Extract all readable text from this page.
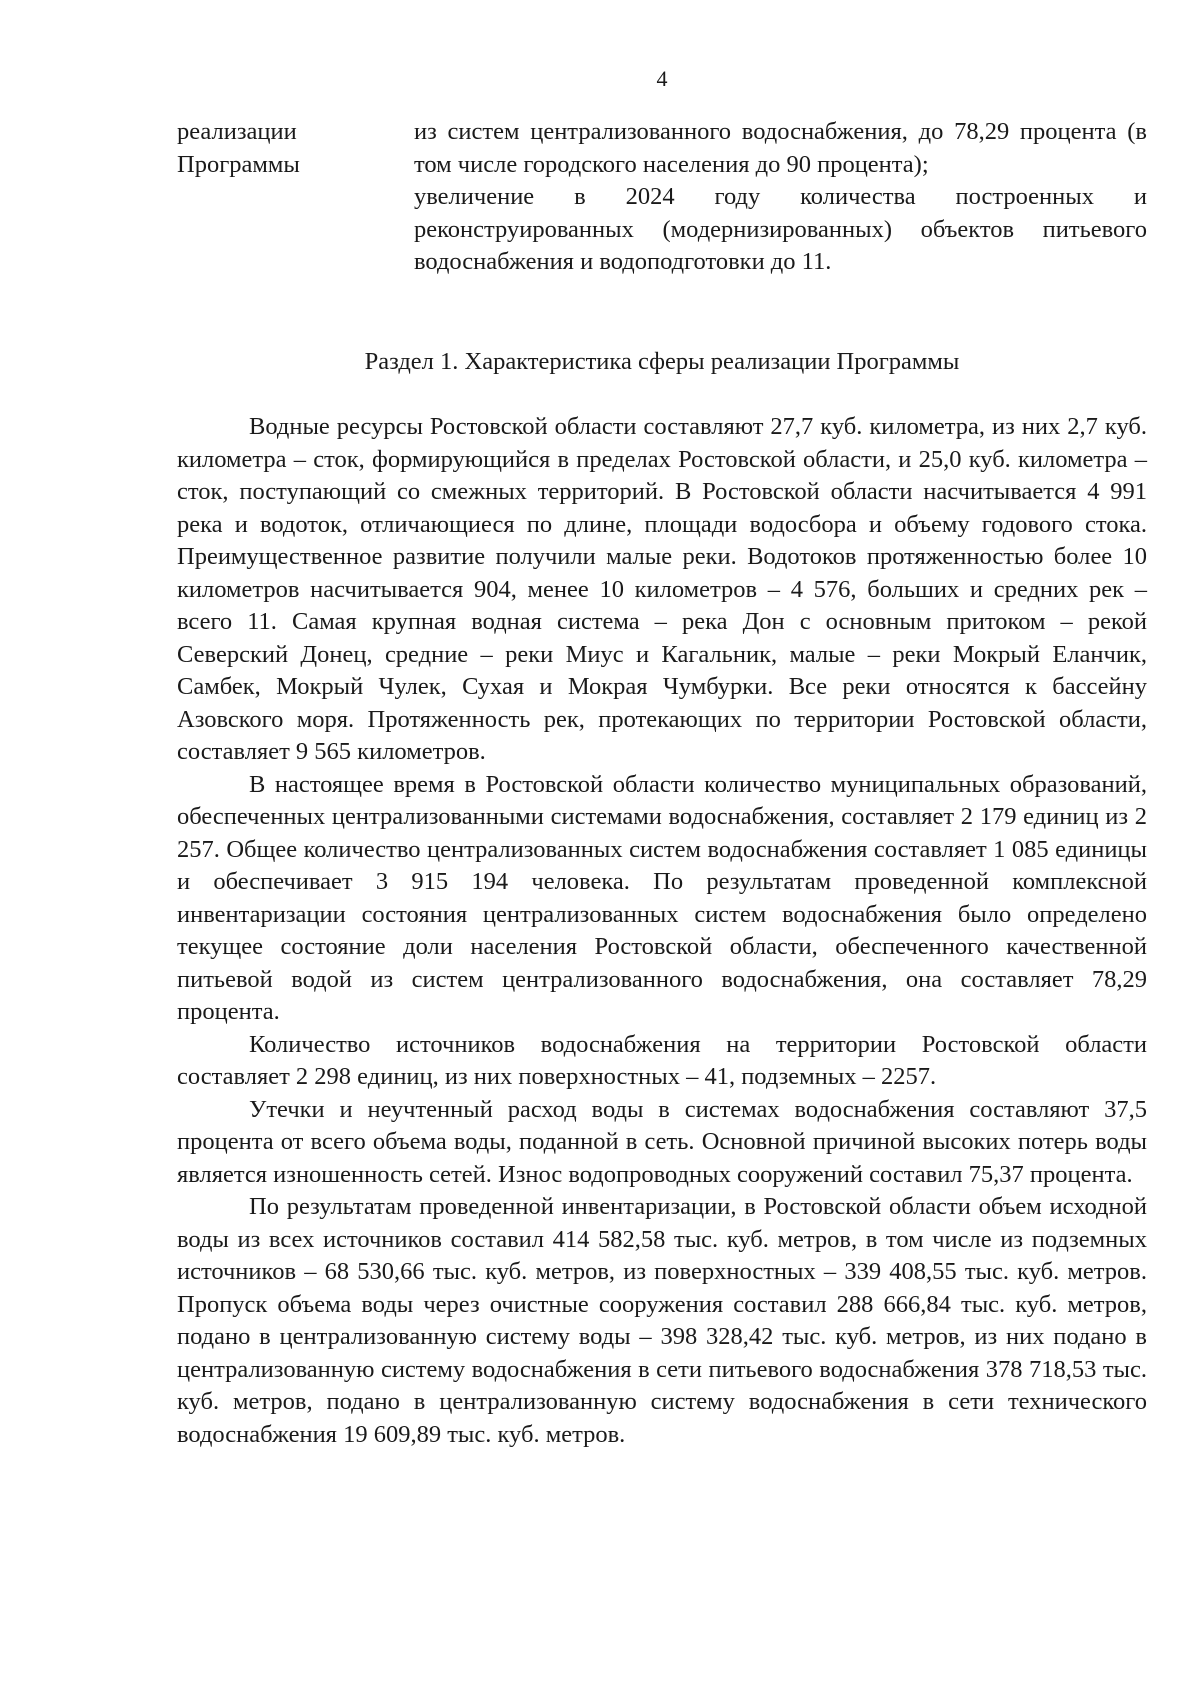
4
реализации
Программы

из систем централизованного водоснабжения, до 78,29 процента (в том числе городского населения до 90 процента);

увеличение в 2024 году количества построенных и реконструированных (модернизированных) объектов питьевого водоснабжения и водоподготовки до 11.

Раздел 1. Характеристика сферы реализации Программы

Водные ресурсы Ростовской области составляют 27,7 куб. километра, из них 2,7 куб. километра – сток, формирующийся в пределах Ростовской области, и 25,0 куб. километра – сток, поступающий со смежных территорий. В Ростовской области насчитывается 4 991 река и водоток, отличающиеся по длине, площади водосбора и объему годового стока. Преимущественное развитие получили малые реки. Водотоков протяженностью более 10 километров насчитывается 904, менее 10 километров – 4 576, больших и средних рек – всего 11. Самая крупная водная система – река Дон с основным притоком – рекой Северский Донец, средние – реки Миус и Кагальник, малые – реки Мокрый Еланчик, Самбек, Мокрый Чулек, Сухая и Мокрая Чумбурки. Все реки относятся к бассейну Азовского моря. Протяженность рек, протекающих по территории Ростовской области, составляет 9 565 километров.

В настоящее время в Ростовской области количество муниципальных образований, обеспеченных централизованными системами водоснабжения, составляет 2 179 единиц из 2 257. Общее количество централизованных систем водоснабжения составляет 1 085 единицы и обеспечивает 3 915 194 человека. По результатам проведенной комплексной инвентаризации состояния централизованных систем водоснабжения было определено текущее состояние доли населения Ростовской области, обеспеченного качественной питьевой водой из систем централизованного водоснабжения, она составляет 78,29 процента.

Количество источников водоснабжения на территории Ростовской области составляет 2 298 единиц, из них поверхностных – 41, подземных – 2257.

Утечки и неучтенный расход воды в системах водоснабжения составляют 37,5 процента от всего объема воды, поданной в сеть. Основной причиной высоких потерь воды является изношенность сетей. Износ водопроводных сооружений составил 75,37 процента.

По результатам проведенной инвентаризации, в Ростовской области объем исходной воды из всех источников составил 414 582,58 тыс. куб. метров, в том числе из подземных источников – 68 530,66 тыс. куб. метров, из поверхностных – 339 408,55 тыс. куб. метров. Пропуск объема воды через очистные сооружения составил 288 666,84 тыс. куб. метров, подано в централизованную систему воды – 398 328,42 тыс. куб. метров, из них подано в централизованную систему водоснабжения в сети питьевого водоснабжения 378 718,53 тыс. куб. метров, подано в централизованную систему водоснабжения в сети технического водоснабжения 19 609,89 тыс. куб. метров.
